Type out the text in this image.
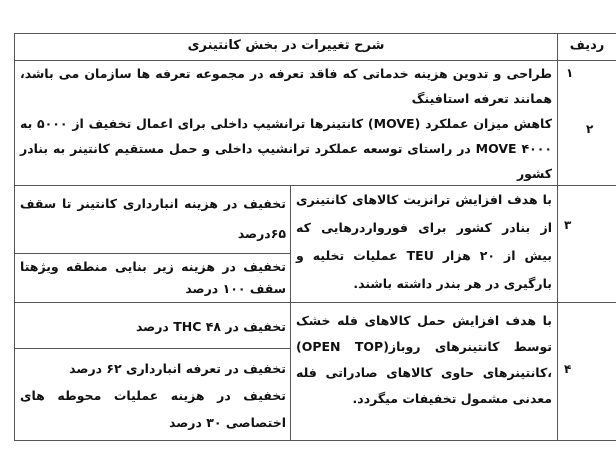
ردیف
شرح تغییرات در بخش کانتینری
۱
طراحی و تدوین هزینه خدماتی که فاقد تعرفه در مجموعه تعرفه ها سازمان می باشد، همانند تعرفه استافینگ
۲
کاهش میزان عملکرد (MOVE) کانتینرها ترانشیپ داخلی برای اعمال تخفیف از ۵۰۰۰ به ۴۰۰۰ MOVE در راستای توسعه عملکرد ترانشیپ داخلی و حمل مستقیم کانتینر به بنادر کشور
۳
با هدف افزایش ترانزیت کالاهای کانتینری از بنادر کشور برای فورواردرهایی که بیش از ۲۰ هزار TEU عملیات تخلیه و بارگیری در هر بندر داشته باشند.
تخفیف در هزینه انبارداری کانتینر تا سقف ۶۵درصد
تخفیف در هزینه زیر بنایی منطقه ویژهتا سقف ۱۰۰ درصد
۴
با هدف افزایش حمل کالاهای فله خشک توسط کانتینرهای روباز(OPEN TOP) ،کانتینرهای حاوی کالاهای صادراتی فله معدنی مشمول تخفیفات میگردد.
تخفیف در THC ۴۸ درصد
تخفیف در تعرفه انبارداری ۶۲ درصد
تخفیف در هزینه عملیات محوطه های اختصاصی ۳۰ درصد
